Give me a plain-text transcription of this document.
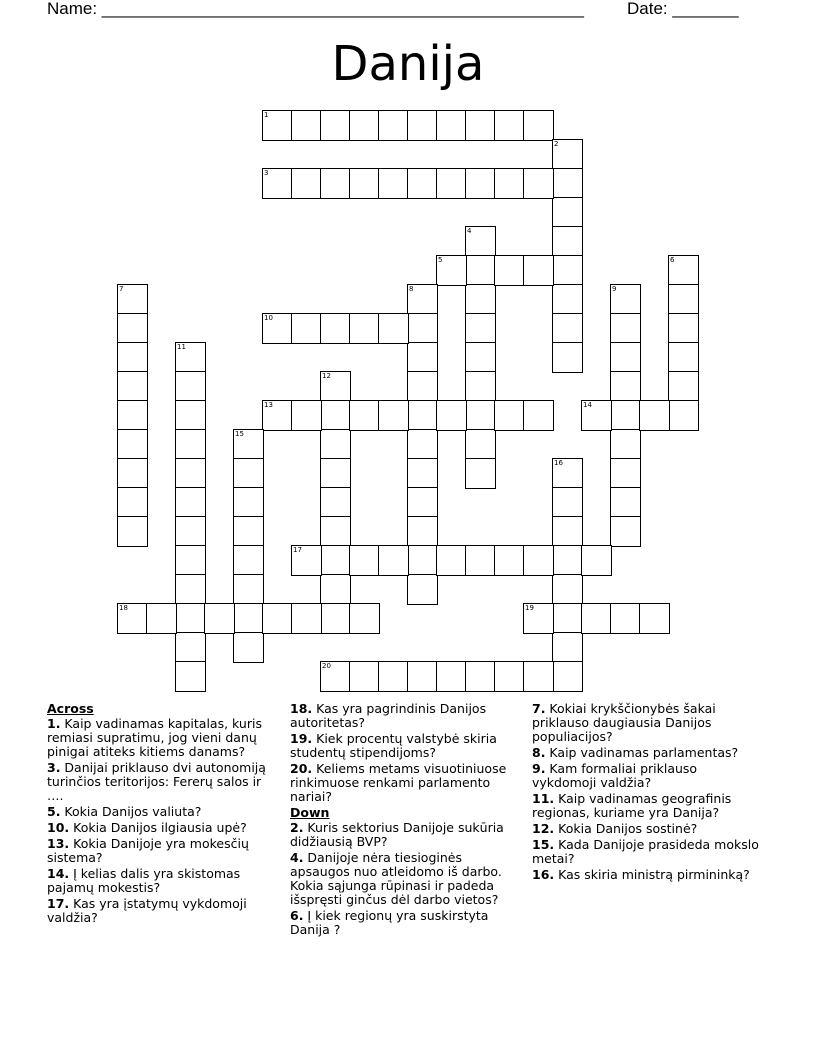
Name: ___________________________________________________	Date: _______
Danija
1
2
3
4
5	6
7	8	9
10
11
12
13	14
15
16
17
18	19
20
Across
1. Kaip vadinamas kapitalas, kuris remiasi supratimu, jog vieni danų pinigai atiteks kitiems danams?
3. Danijai priklauso dvi autonomiją turinčios teritorijos: Fererų salos ir ….
5. Kokia Danijos valiuta?
10. Kokia Danijos ilgiausia upė?
13. Kokia Danijoje yra mokesčių sistema?
14. Į kelias dalis yra skistomas pajamų mokestis?
17. Kas yra įstatymų vykdomoji valdžia?
18. Kas yra pagrindinis Danijos autoritetas?
19. Kiek procentų valstybė skiria studentų stipendijoms?
20. Keliems metams visuotiniuose rinkimuose renkami parlamento nariai?
Down
2. Kuris sektorius Danijoje sukūria didžiausią BVP?
4. Danijoje nėra tiesioginės apsaugos nuo atleidomo iš darbo. Kokia sąjunga rūpinasi ir padeda išspręsti ginčus dėl darbo vietos?
6. Į kiek regionų yra suskirstyta Danija ?
7. Kokiai krykščionybės šakai priklauso daugiausia Danijos populiacijos?
8. Kaip vadinamas parlamentas?
9. Kam formaliai priklauso vykdomoji valdžia?
11. Kaip vadinamas geografinis regionas, kuriame yra Danija?
12. Kokia Danijos sostinė?
15. Kada Danijoje prasideda mokslo metai?
16. Kas skiria ministrą pirmininką?
